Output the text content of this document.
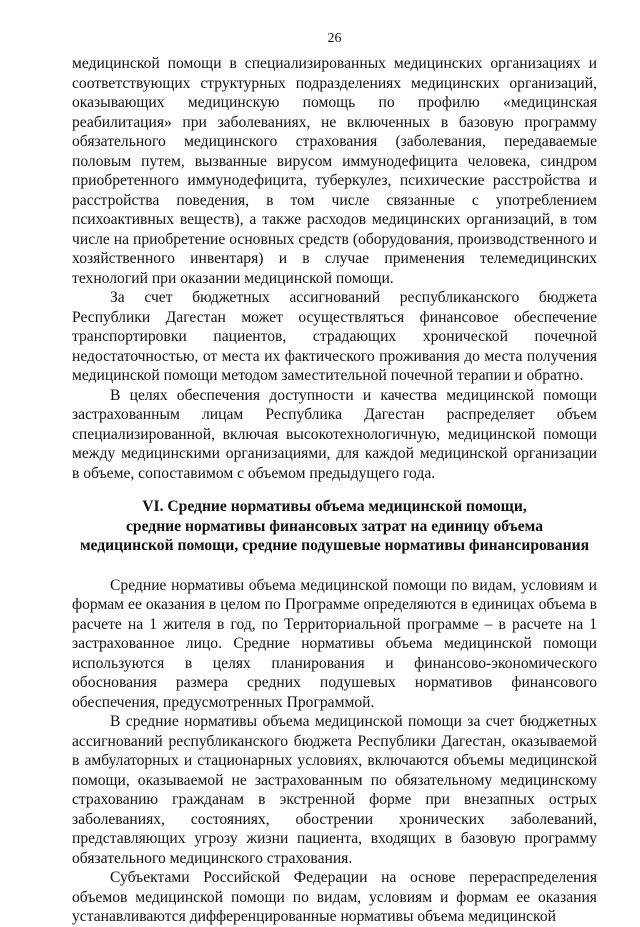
26

медицинской помощи в специализированных медицинских организациях и соответствующих структурных подразделениях медицинских организаций, оказывающих медицинскую помощь по профилю «медицинская реабилитация» при заболеваниях, не включенных в базовую программу обязательного медицинского страхования (заболевания, передаваемые половым путем, вызванные вирусом иммунодефицита человека, синдром приобретенного иммунодефицита, туберкулез, психические расстройства и расстройства поведения, в том числе связанные с употреблением психоактивных веществ), а также расходов медицинских организаций, в том числе на приобретение основных средств (оборудования, производственного и хозяйственного инвентаря) и в случае применения телемедицинских технологий при оказании медицинской помощи.

За счет бюджетных ассигнований республиканского бюджета Республики Дагестан может осуществляться финансовое обеспечение транспортировки пациентов, страдающих хронической почечной недостаточностью, от места их фактического проживания до места получения медицинской помощи методом заместительной почечной терапии и обратно.

В целях обеспечения доступности и качества медицинской помощи застрахованным лицам Республика Дагестан распределяет объем специализированной, включая высокотехнологичную, медицинской помощи между медицинскими организациями, для каждой медицинской организации в объеме, сопоставимом с объемом предыдущего года.

VI. Средние нормативы объема медицинской помощи,
средние нормативы финансовых затрат на единицу объема
медицинской помощи, средние подушевые нормативы финансирования

Средние нормативы объема медицинской помощи по видам, условиям и формам ее оказания в целом по Программе определяются в единицах объема в расчете на 1 жителя в год, по Территориальной программе – в расчете на 1 застрахованное лицо. Средние нормативы объема медицинской помощи используются в целях планирования и финансово-экономического обоснования размера средних подушевых нормативов финансового обеспечения, предусмотренных Программой.

В средние нормативы объема медицинской помощи за счет бюджетных ассигнований республиканского бюджета Республики Дагестан, оказываемой в амбулаторных и стационарных условиях, включаются объемы медицинской помощи, оказываемой не застрахованным по обязательному медицинскому страхованию гражданам в экстренной форме при внезапных острых заболеваниях, состояниях, обострении хронических заболеваний, представляющих угрозу жизни пациента, входящих в базовую программу обязательного медицинского страхования.

Субъектами Российской Федерации на основе перераспределения объемов медицинской помощи по видам, условиям и формам ее оказания устанавливаются дифференцированные нормативы объема медицинской
